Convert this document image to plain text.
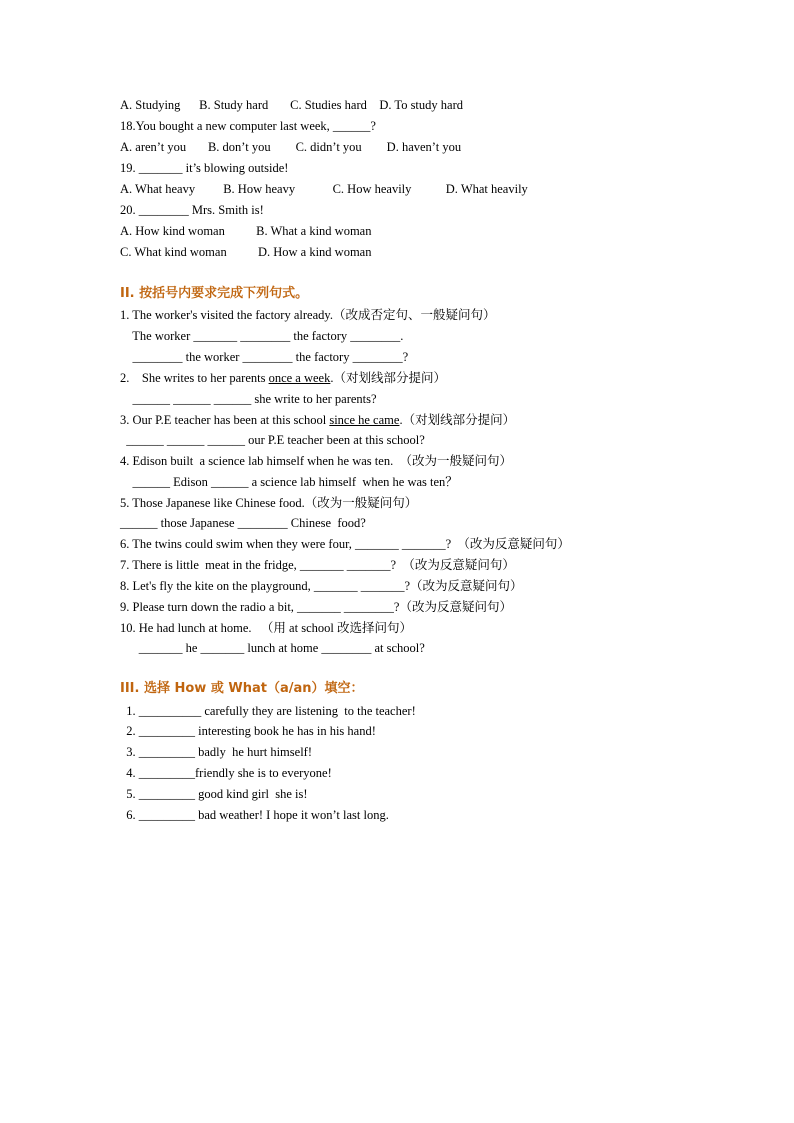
A. Studying      B. Study hard       C. Studies hard    D. To study hard
18.You bought a new computer last week, ______?
A. aren’t you       B. don’t you        C. didn’t you        D. haven’t you
19. _______ it’s blowing outside!
A. What heavy         B. How heavy            C. How heavily           D. What heavily
20. ________ Mrs. Smith is!
A. How kind woman          B. What a kind woman
C. What kind woman          D. How a kind woman
II. 按括号内要求完成下列句式。
1. The worker's visited the factory already.（改成否定句、一般疑问句）
The worker _______ ________ the factory ________.
________ the worker ________ the factory ________?
2.    She writes to her parents once a week.（对划线部分提问）
______ ______ ______ she write to her parents?
3. Our P.E teacher has been at this school since he came.（对划线部分提问）
______ ______ ______ our P.E teacher been at this school?
4. Edison built  a science lab himself when he was ten.  （改为一般疑问句）
______ Edison ______ a science lab himself  when he was ten？
5. Those Japanese like Chinese food.（改为一般疑问句）
______ those Japanese ________ Chinese  food?
6. The twins could swim when they were four, _______ _______?  （改为反意疑问句）
7. There is little  meat in the fridge, _______ _______?  （改为反意疑问句）
8. Let's fly the kite on the playground, _______ _______?（改为反意疑问句）
9. Please turn down the radio a bit, _______ ________?（改为反意疑问句）
10. He had lunch at home.   （用 at school 改选择问句）
_______ he _______ lunch at home ________ at school?
III. 选择 How 或 What（a/an）填空：
1. __________ carefully they are listening  to the teacher!
2. _________ interesting book he has in his hand!
3. _________ badly  he hurt himself!
4. _________friendly she is to everyone!
5. _________ good kind girl  she is!
6. _________ bad weather! I hope it won’t last long.
